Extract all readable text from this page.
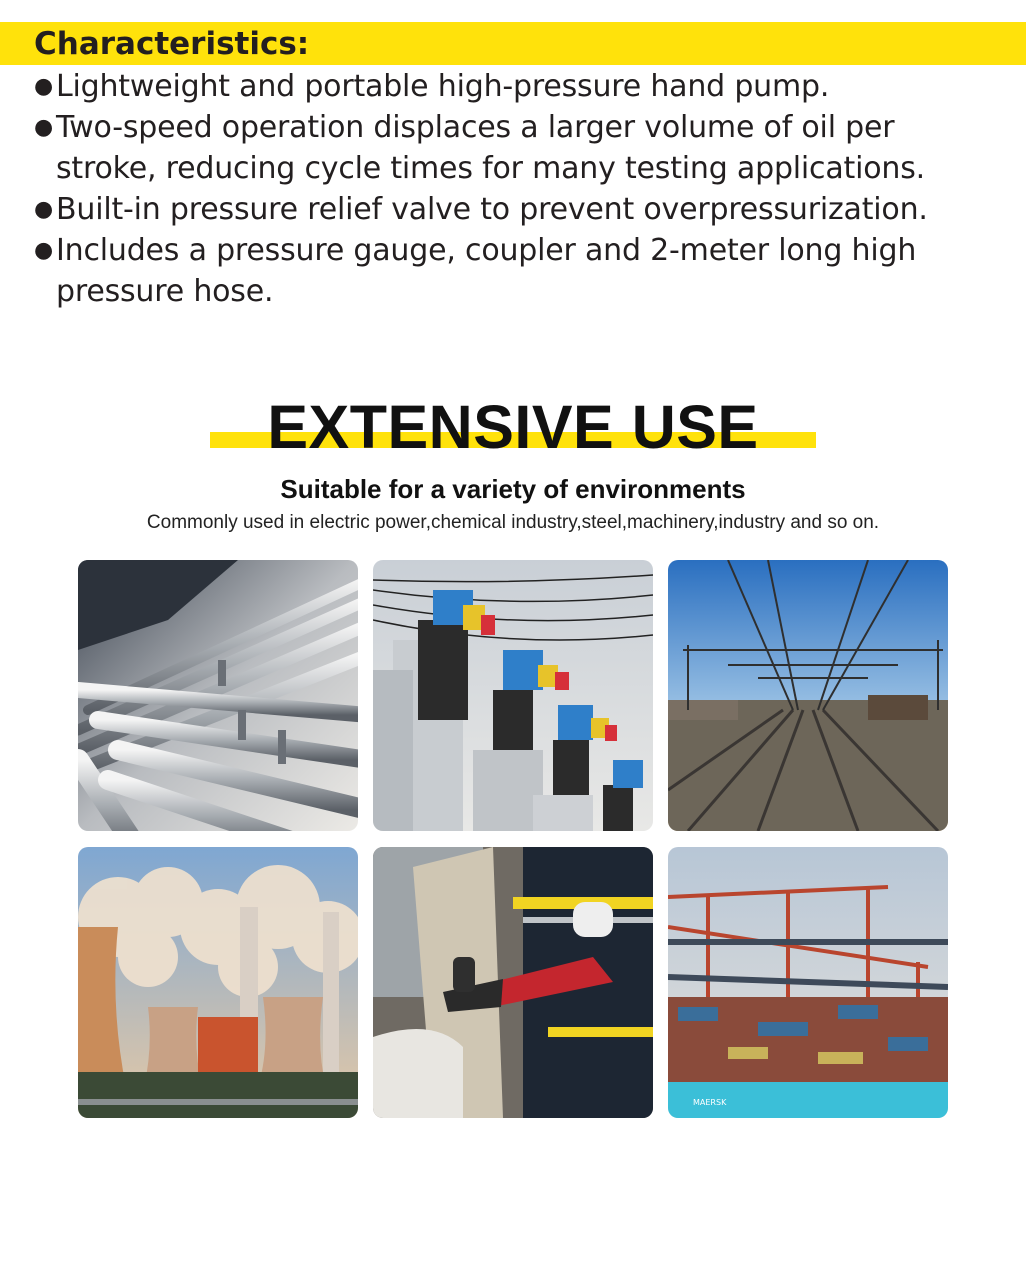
Characteristics:
● Lightweight and portable high-pressure hand pump.
● Two-speed operation displaces a larger volume of oil per
stroke, reducing cycle times for many testing applications.
● Built-in pressure relief valve to prevent overpressurization.
● Includes a pressure gauge, coupler and 2-meter long high
pressure hose.
EXTENSIVE USE
Suitable for a variety of environments

Commonly used in electric power,chemical industry,steel,machinery,industry and so on.

MAERSK
